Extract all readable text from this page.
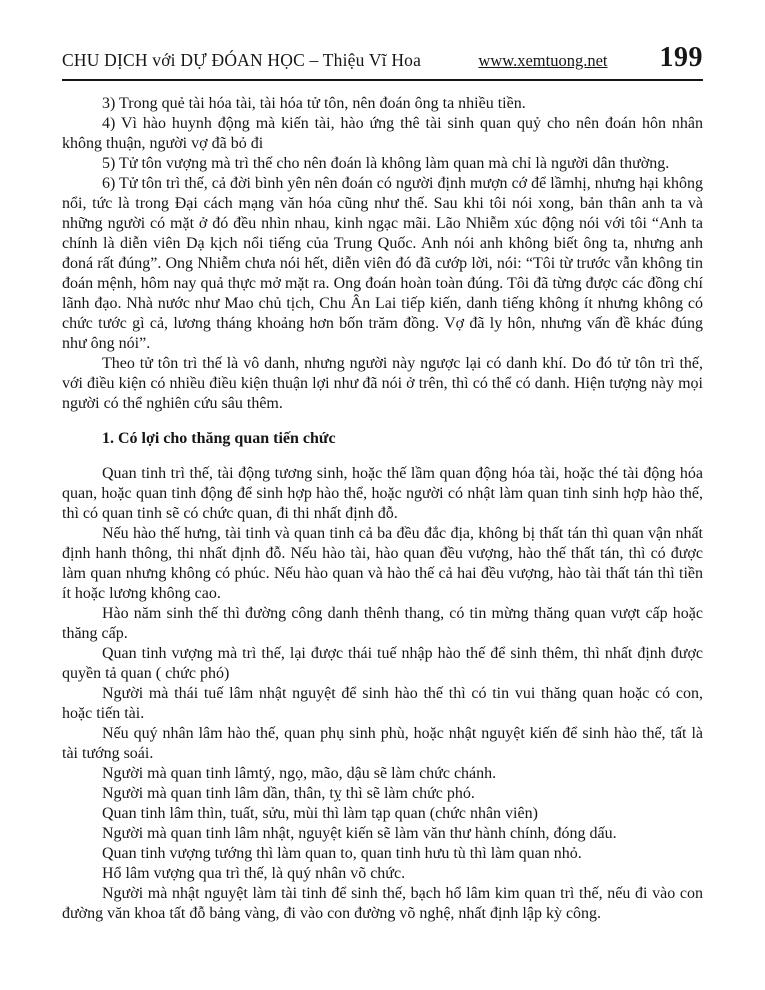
CHU DỊCH với DỰ ĐÓAN HỌC – Thiệu Vĩ Hoa	www.xemtuong.net 199

3) Trong quẻ tài hóa tài, tài hóa tử tôn, nên đoán ông ta nhiều tiền.

4) Vì hào huynh động mà kiến tài, hào ứng thê tài sinh quan quỷ cho nên đoán hôn nhân không thuận, người vợ đã bỏ đi

5) Tử tôn vượng mà trì thế cho nên đoán là không làm quan mà chỉ là người dân thường.

6) Tử tôn trì thế, cả đời bình yên nên đoán có người định mượn cớ để lầmhị, nhưng hại không nổi, tức là trong Đại cách mạng văn hóa cũng như thế. Sau khi tôi nói xong, bản thân anh ta và những người có mặt ở đó đều nhìn nhau, kinh ngạc mãi. Lão Nhiễm xúc động nói với tôi “Anh ta chính là diễn viên Dạ kịch nổi tiếng của Trung Quốc. Anh nói anh không biết ông ta, nhưng anh đoná rất đúng”. Ong Nhiễm chưa nói hết, diễn viên đó đã cướp lời, nói: “Tôi từ trước vẫn không tin đoán mệnh, hôm nay quả thực mở mặt ra. Ong đoán hoàn toàn đúng. Tôi đã từng được các đồng chí lãnh đạo. Nhà nước như Mao chủ tịch, Chu Ân Lai tiếp kiến, danh tiếng không ít nhưng không có chức tước gì cả, lương tháng khoảng hơn bốn trăm đồng. Vợ đã ly hôn, nhưng vấn đề khác đúng như ông nói”.

Theo tử tôn trì thế là vô danh, nhưng người này ngược lại có danh khí. Do đó tử tôn trì thế, với điều kiện có nhiều điều kiện thuận lợi như đã nói ở trên, thì có thể có danh. Hiện tượng này mọi người có thể nghiên cứu sâu thêm.

1. Có lợi cho thăng quan tiến chức

Quan tinh trì thế, tài động tương sinh, hoặc thế lầm quan động hóa tài, hoặc thé tài động hóa quan, hoặc quan tinh động để sinh hợp hào thể, hoặc người có nhật làm quan tinh sinh hợp hào thế, thì có quan tinh sẽ có chức quan, đi thi nhất định đỗ.

Nếu hào thế hưng, tài tinh và quan tinh cả ba đều đắc địa, không bị thất tán thì quan vận nhất định hanh thông, thi nhất định đỗ. Nếu hào tài, hào quan đều vượng, hào thế thất tán, thì có được làm quan nhưng không có phúc. Nếu hào quan và hào thế cả hai đều vượng, hào tài thất tán thì tiền ít hoặc lương không cao.

Hào năm sinh thế thì đường công danh thênh thang, có tin mừng thăng quan vượt cấp hoặc thăng cấp.

Quan tinh vượng mà trì thế, lại được thái tuế nhập hào thế để sinh thêm, thì nhất định được quyền tả quan ( chức phó)

Người mà thái tuế lâm nhật nguyệt để sinh hào thế thì có tin vui thăng quan hoặc có con, hoặc tiến tài.

Nếu quý nhân lâm hào thế, quan phụ sinh phù, hoặc nhật nguyệt kiến để sinh hào thế, tất là tài tướng soái.

Người mà quan tinh lâmtý, ngọ, mão, dậu sẽ làm chức chánh.

Người mà quan tinh lâm dần, thân, tỵ thì sẽ làm chức phó.

Quan tinh lâm thìn, tuất, sửu, mùi thì làm tạp quan (chức nhân viên)

Người mà quan tinh lâm nhật, nguyệt kiến sẽ làm văn thư hành chính, đóng dấu.

Quan tinh vượng tướng thì làm quan to, quan tinh hưu tù thì làm quan nhỏ.

Hổ lâm vượng qua trì thế, là quý nhân võ chức.

Người mà nhật nguyệt làm tài tinh để sinh thế, bạch hổ lâm kim quan trì thế, nếu đi vào con đường văn khoa tất đỗ bảng vàng, đi vào con đường võ nghệ, nhất định lập kỳ công.
